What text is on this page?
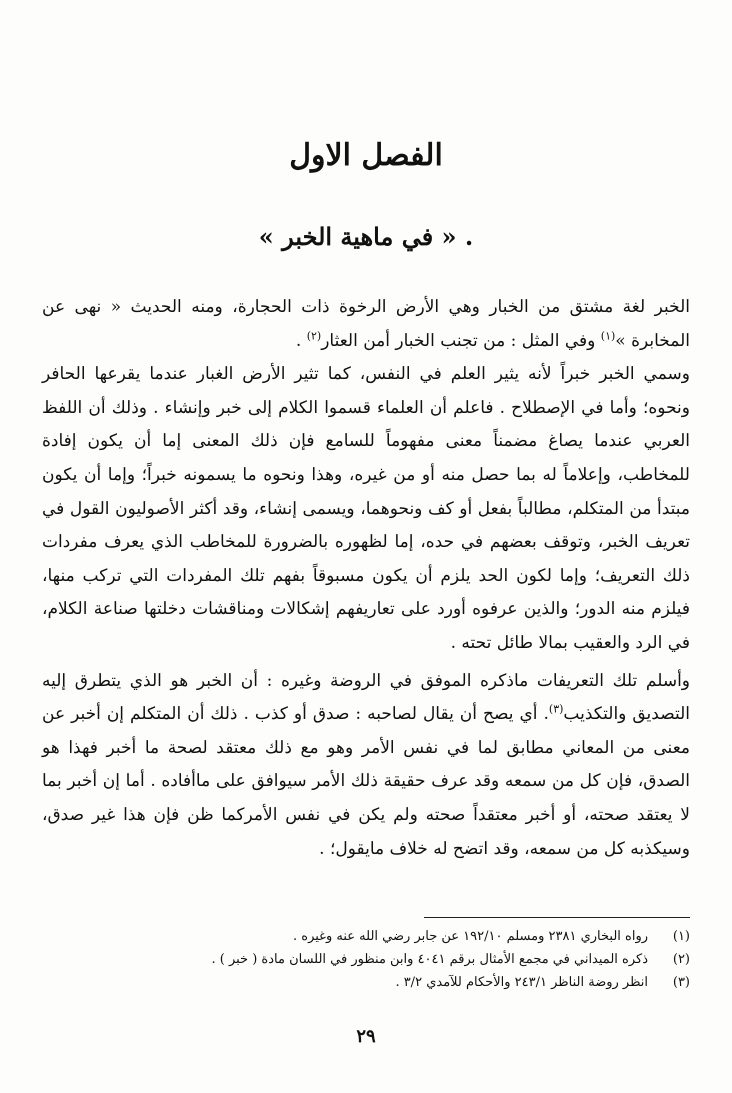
الفصل الاول
« في ماهية الخبر » .

الخبر لغة مشتق من الخبار وهي الأرض الرخوة ذات الحجارة، ومنه الحديث « نهى عن المخابرة »$^{(١)}$ وفي المثل : من تجنب الخبار أمن العثار$^{(٢)}$ .

وسمي الخبر خبراً لأنه يثير العلم في النفس، كما تثير الأرض الغبار عندما يقرعها الحافر ونحوه؛ وأما في الإصطلاح . فاعلم أن العلماء قسموا الكلام إلى خبر وإنشاء . وذلك أن اللفظ العربي عندما يصاغ مضمناً معنى مفهوماً للسامع فإن ذلك المعنى إما أن يكون إفادة للمخاطب، وإعلاماً له بما حصل منه أو من غيره، وهذا ونحوه ما يسمونه خبراً؛ وإما أن يكون مبتدأ من المتكلم، مطالباً بفعل أو كف ونحوهما، ويسمى إنشاء، وقد أكثر الأصوليون القول في تعريف الخبر، وتوقف بعضهم في حده، إما لظهوره بالضرورة للمخاطب الذي يعرف مفردات ذلك التعريف؛ وإما لكون الحد يلزم أن يكون مسبوقاً بفهم تلك المفردات التي تركب منها، فيلزم منه الدور؛ والذين عرفوه أورد على تعاريفهم إشكالات ومناقشات دخلتها صناعة الكلام، في الرد والعقيب بمالا طائل تحته .

وأسلم تلك التعريفات ماذكره الموفق في الروضة وغيره : أن الخبر هو الذي يتطرق إليه التصديق والتكذيب$^{(٣)}$. أي يصح أن يقال لصاحبه : صدق أو كذب . ذلك أن المتكلم إن أخبر عن معنى من المعاني مطابق لما في نفس الأمر وهو مع ذلك معتقد لصحة ما أخبر فهذا هو الصدق، فإن كل من سمعه وقد عرف حقيقة ذلك الأمر سيوافق على ماأفاده . أما إن أخبر بما لا يعتقد صحته، أو أخبر معتقداً صحته ولم يكن في نفس الأمركما ظن فإن هذا غير صدق، وسيكذبه كل من سمعه، وقد اتضح له خلاف مايقول؛ .

(١)
رواه البخاري ٢٣٨١ ومسلم ١٩٢/١٠ عن جابر رضي الله عنه وغيره .
(٢)
ذكره الميداني في مجمع الأمثال برقم ٤٠٤١ وابن منظور في اللسان مادة ( خبر ) .
(٣)
انظر روضة الناظر ٢٤٣/١ والأحكام للآمدي ٣/٢ .
٢٩
